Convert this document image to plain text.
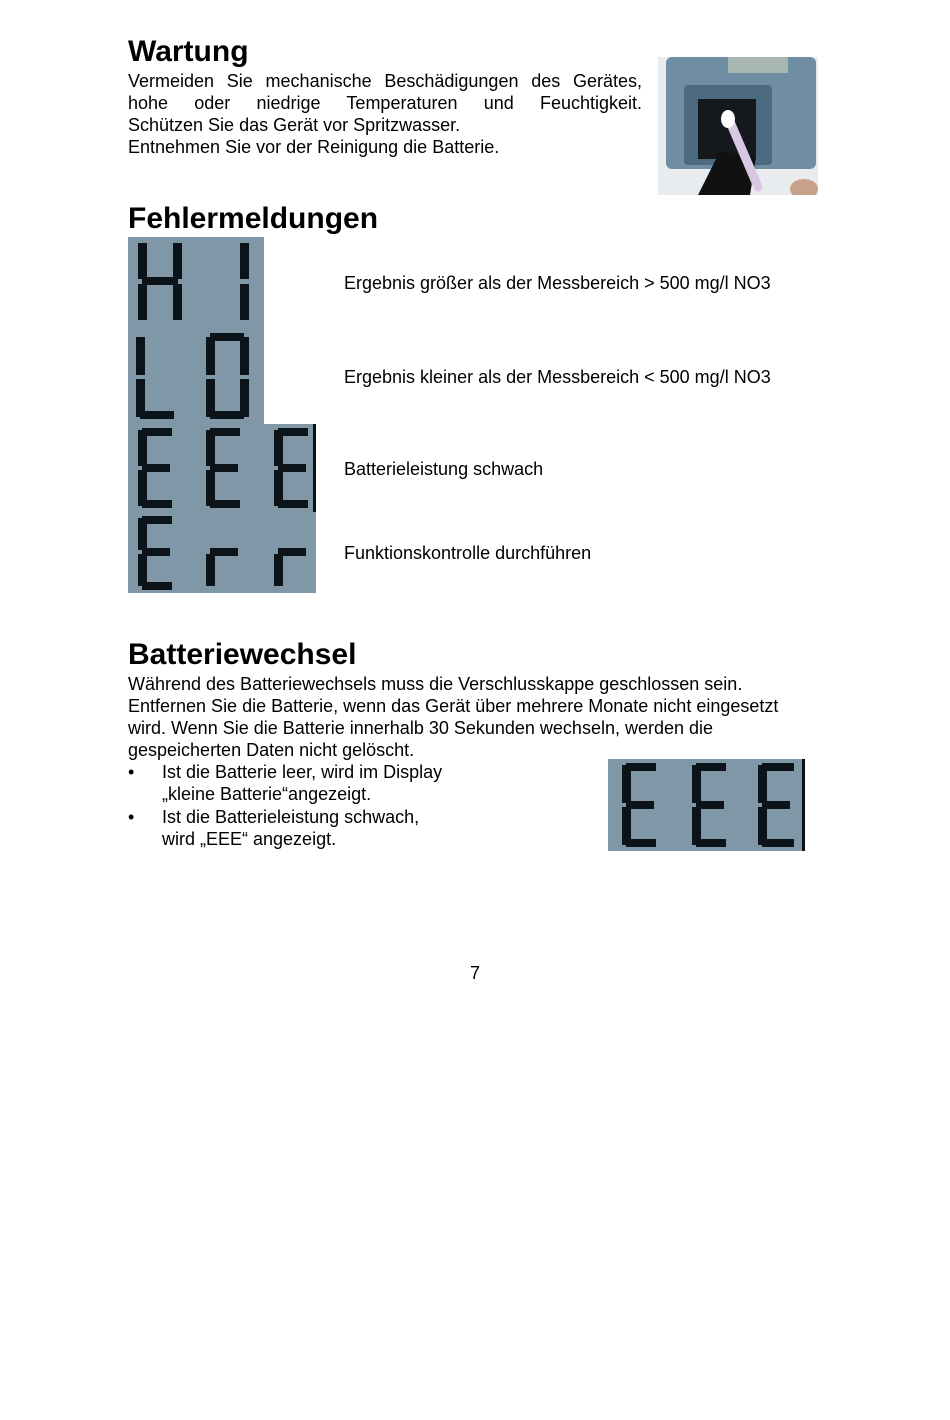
Wartung
Vermeiden Sie mechanische Beschädigungen des Gerätes,
hohe oder niedrige Temperaturen und Feuchtigkeit.
Schützen Sie das Gerät vor Spritzwasser.
Entnehmen Sie vor der Reinigung die Batterie.
Fehlermeldungen
Ergebnis größer als der Messbereich > 500 mg/l NO3
Ergebnis kleiner als der Messbereich < 500 mg/l NO3
Batterieleistung schwach
Funktionskontrolle durchführen
Batteriewechsel
Während des Batteriewechsels muss die Verschlusskappe geschlossen sein.
Entfernen Sie die Batterie, wenn das Gerät über mehrere Monate nicht eingesetzt
wird. Wenn Sie die Batterie innerhalb 30 Sekunden wechseln, werden die
gespeicherten Daten nicht gelöscht.
•	Ist die Batterie leer, wird im Display
„kleine Batterie“angezeigt.
•	Ist die Batterieleistung schwach,
wird „EEE“ angezeigt.
7
